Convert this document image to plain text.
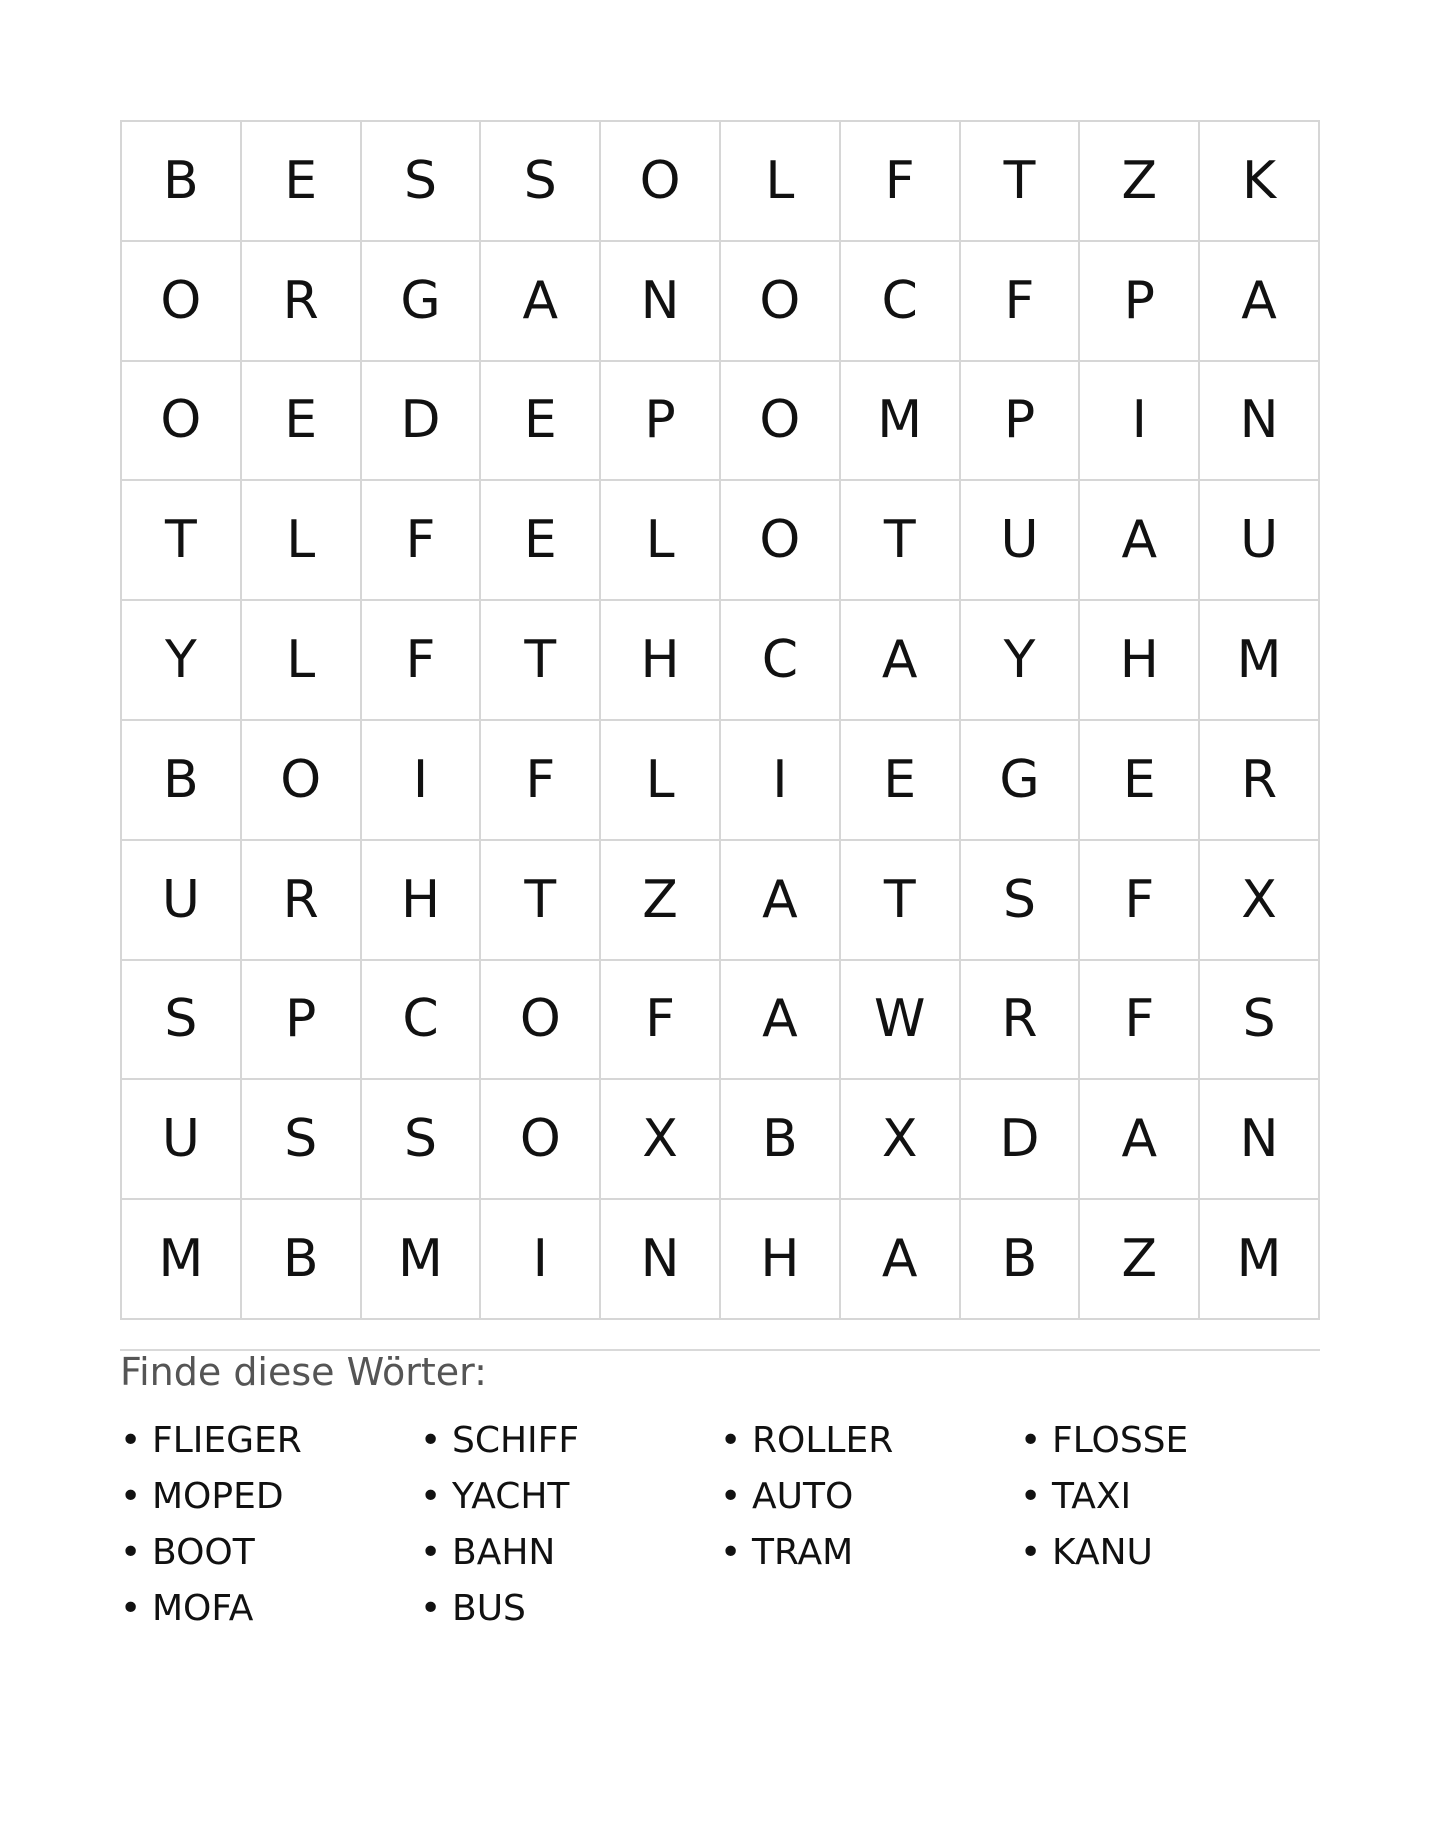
B	E	S	S	O	L	F	T	Z	K
O	R	G	A	N	O	C	F	P	A
O	E	D	E	P	O	M	P	I	N
T	L	F	E	L	O	T	U	A	U
Y	L	F	T	H	C	A	Y	H	M
B	O	I	F	L	I	E	G	E	R
U	R	H	T	Z	A	T	S	F	X
S	P	C	O	F	A	W	R	F	S
U	S	S	O	X	B	X	D	A	N
M	B	M	I	N	H	A	B	Z	M
Finde diese Wörter:
• FLIEGER
• MOPED
• BOOT
• MOFA
• SCHIFF
• YACHT
• BAHN
• BUS
• ROLLER
• AUTO
• TRAM
• FLOSSE
• TAXI
• KANU
